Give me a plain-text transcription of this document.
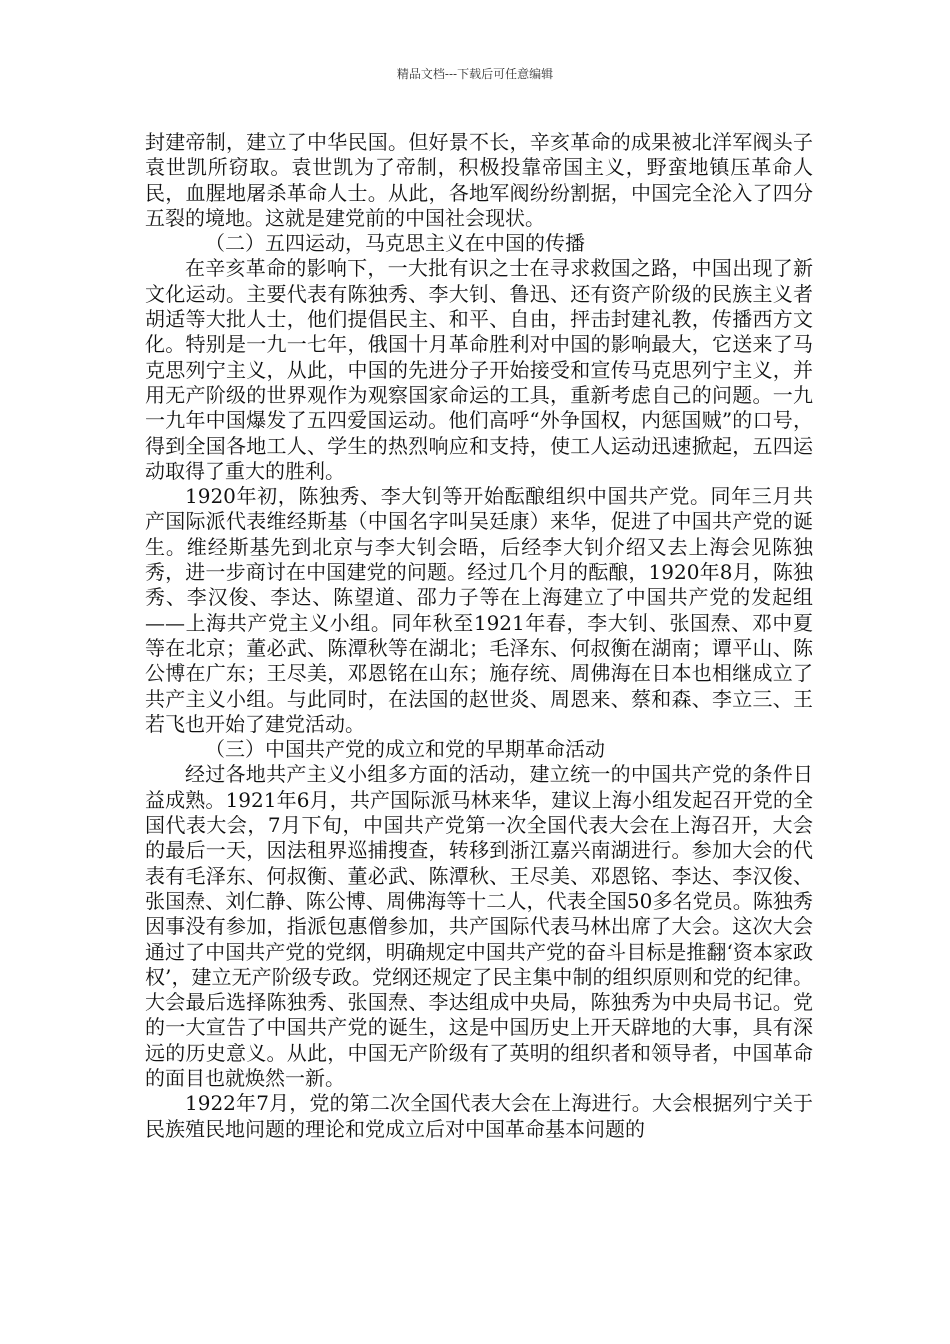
精品文档---下载后可任意编辑

封建帝制，建立了中华民国。但好景不长，辛亥革命的成果被北洋军阀头子袁世凯所窃取。袁世凯为了帝制，积极投靠帝国主义，野蛮地镇压革命人民，血腥地屠杀革命人士。从此，各地军阀纷纷割据，中国完全沦入了四分五裂的境地。这就是建党前的中国社会现状。

（二）五四运动，马克思主义在中国的传播

在辛亥革命的影响下，一大批有识之士在寻求救国之路，中国出现了新文化运动。主要代表有陈独秀、李大钊、鲁迅、还有资产阶级的民族主义者胡适等大批人士，他们提倡民主、和平、自由，抨击封建礼教，传播西方文化。特别是一九一七年，俄国十月革命胜利对中国的影响最大，它送来了马克思列宁主义，从此，中国的先进分子开始接受和宣传马克思列宁主义，并用无产阶级的世界观作为观察国家命运的工具，重新考虑自己的问题。一九一九年中国爆发了五四爱国运动。他们高呼“外争国权，内惩国贼”的口号，得到全国各地工人、学生的热烈响应和支持，使工人运动迅速掀起，五四运动取得了重大的胜利。

1920年初，陈独秀、李大钊等开始酝酿组织中国共产党。同年三月共产国际派代表维经斯基（中国名字叫吴廷康）来华，促进了中国共产党的诞生。维经斯基先到北京与李大钊会晤，后经李大钊介绍又去上海会见陈独秀，进一步商讨在中国建党的问题。经过几个月的酝酿，1920年8月，陈独秀、李汉俊、李达、陈望道、邵力子等在上海建立了中国共产党的发起组——上海共产党主义小组。同年秋至1921年春，李大钊、张国焘、邓中夏等在北京；董必武、陈潭秋等在湖北；毛泽东、何叔衡在湖南；谭平山、陈公博在广东；王尽美，邓恩铭在山东；施存统、周佛海在日本也相继成立了共产主义小组。与此同时，在法国的赵世炎、周恩来、蔡和森、李立三、王若飞也开始了建党活动。

（三）中国共产党的成立和党的早期革命活动

经过各地共产主义小组多方面的活动，建立统一的中国共产党的条件日益成熟。1921年6月，共产国际派马林来华，建议上海小组发起召开党的全国代表大会，7月下旬，中国共产党第一次全国代表大会在上海召开，大会的最后一天，因法租界巡捕搜查，转移到浙江嘉兴南湖进行。参加大会的代表有毛泽东、何叔衡、董必武、陈潭秋、王尽美、邓恩铭、李达、李汉俊、张国焘、刘仁静、陈公博、周佛海等十二人，代表全国50多名党员。陈独秀因事没有参加，指派包惠僧参加，共产国际代表马林出席了大会。这次大会通过了中国共产党的党纲，明确规定中国共产党的奋斗目标是推翻‘资本家政权’，建立无产阶级专政。党纲还规定了民主集中制的组织原则和党的纪律。大会最后选择陈独秀、张国焘、李达组成中央局，陈独秀为中央局书记。党的一大宣告了中国共产党的诞生，这是中国历史上开天辟地的大事，具有深远的历史意义。从此，中国无产阶级有了英明的组织者和领导者，中国革命的面目也就焕然一新。

1922年7月，党的第二次全国代表大会在上海进行。大会根据列宁关于民族殖民地问题的理论和党成立后对中国革命基本问题的
